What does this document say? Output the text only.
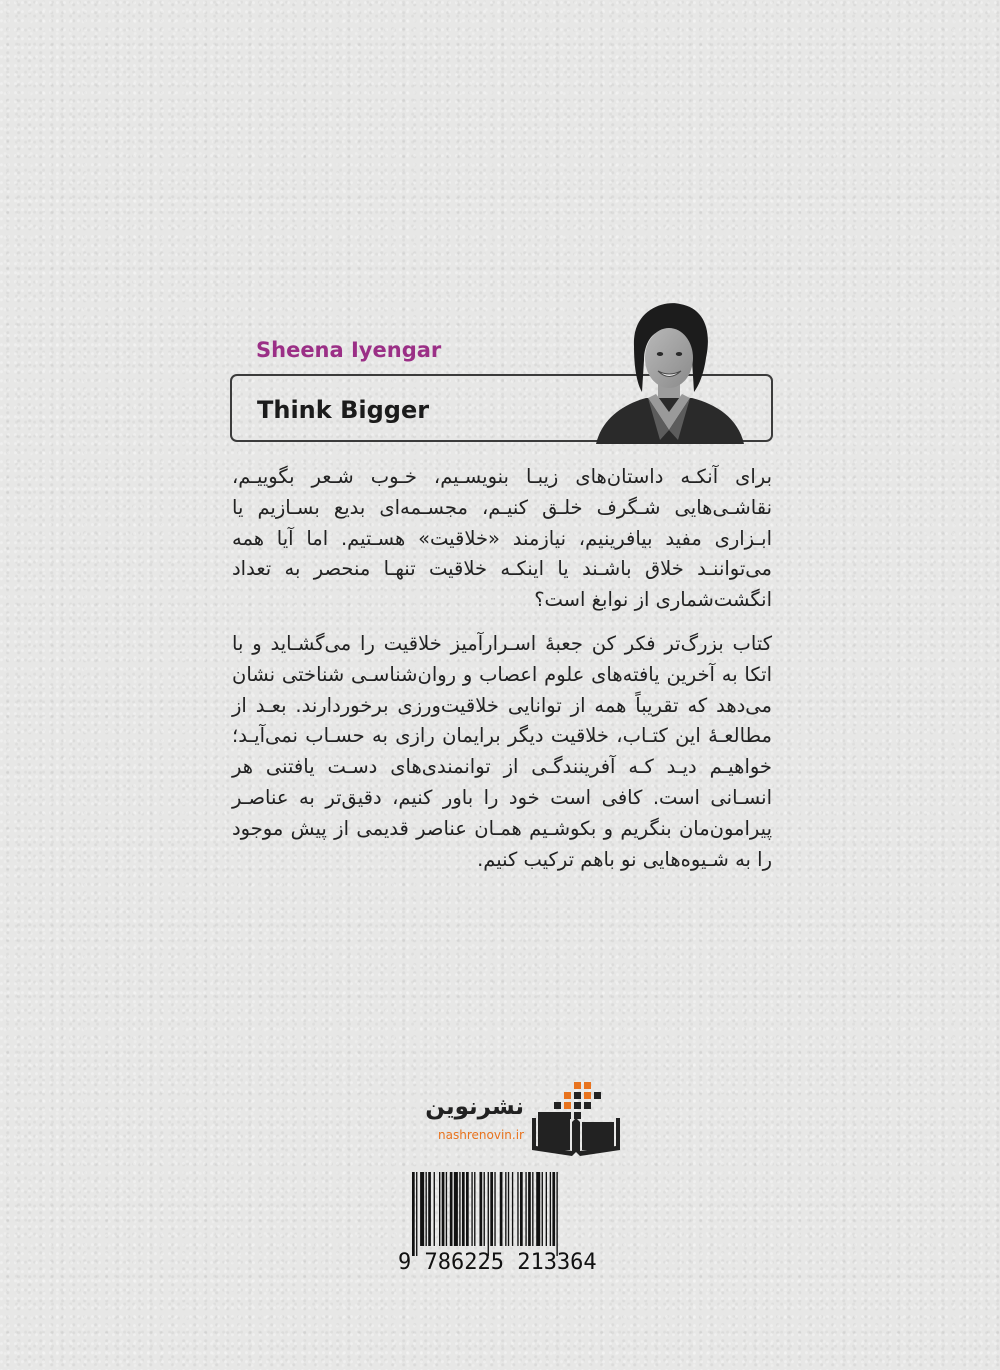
Sheena Iyengar
Think Bigger

برای آنکـه داستان‌های زیبـا بنویسـیم، خـوب شـعر بگوییـم، نقاشـی‌هایی شـگرف خلـق کنیـم، مجسـمه‌ای بدیع بسـازیم یا ابـزاری مفید بیافرینیم، نیازمند «خلاقیت» هسـتیم. اما آیا همه می‌تواننـد خلاق باشـند یا اینکـه خلاقیت تنهـا منحصر به تعداد انگشت‌شماری از نوابغ است؟

کتاب بزرگ‌تر فکر کن جعبهٔ اسـرارآمیز خلاقیت را می‌گشـاید و با اتکا به آخرین یافته‌های علوم اعصاب و روان‌شناسـی شناختی نشان می‌دهد که تقریباً همه از توانایی خلاقیت‌ورزی برخوردارند. بعـد از مطالعـهٔ این کتـاب، خلاقیت دیگر برایمان رازی به حسـاب نمی‌آیـد؛ خواهیـم دیـد کـه آفرینندگـی از توانمندی‌های دسـت یافتنی هر انسـانی است. کافی است خود را باور کنیم، دقیق‌تر به عناصـر پیرامون‌مان بنگریم و بکوشـیم همـان عناصر قدیمی از پیش موجود را به شـیوه‌هایی نو باهم ترکیب کنیم.

نشرنوین
nashrenovin.ir
9 786225 213364
